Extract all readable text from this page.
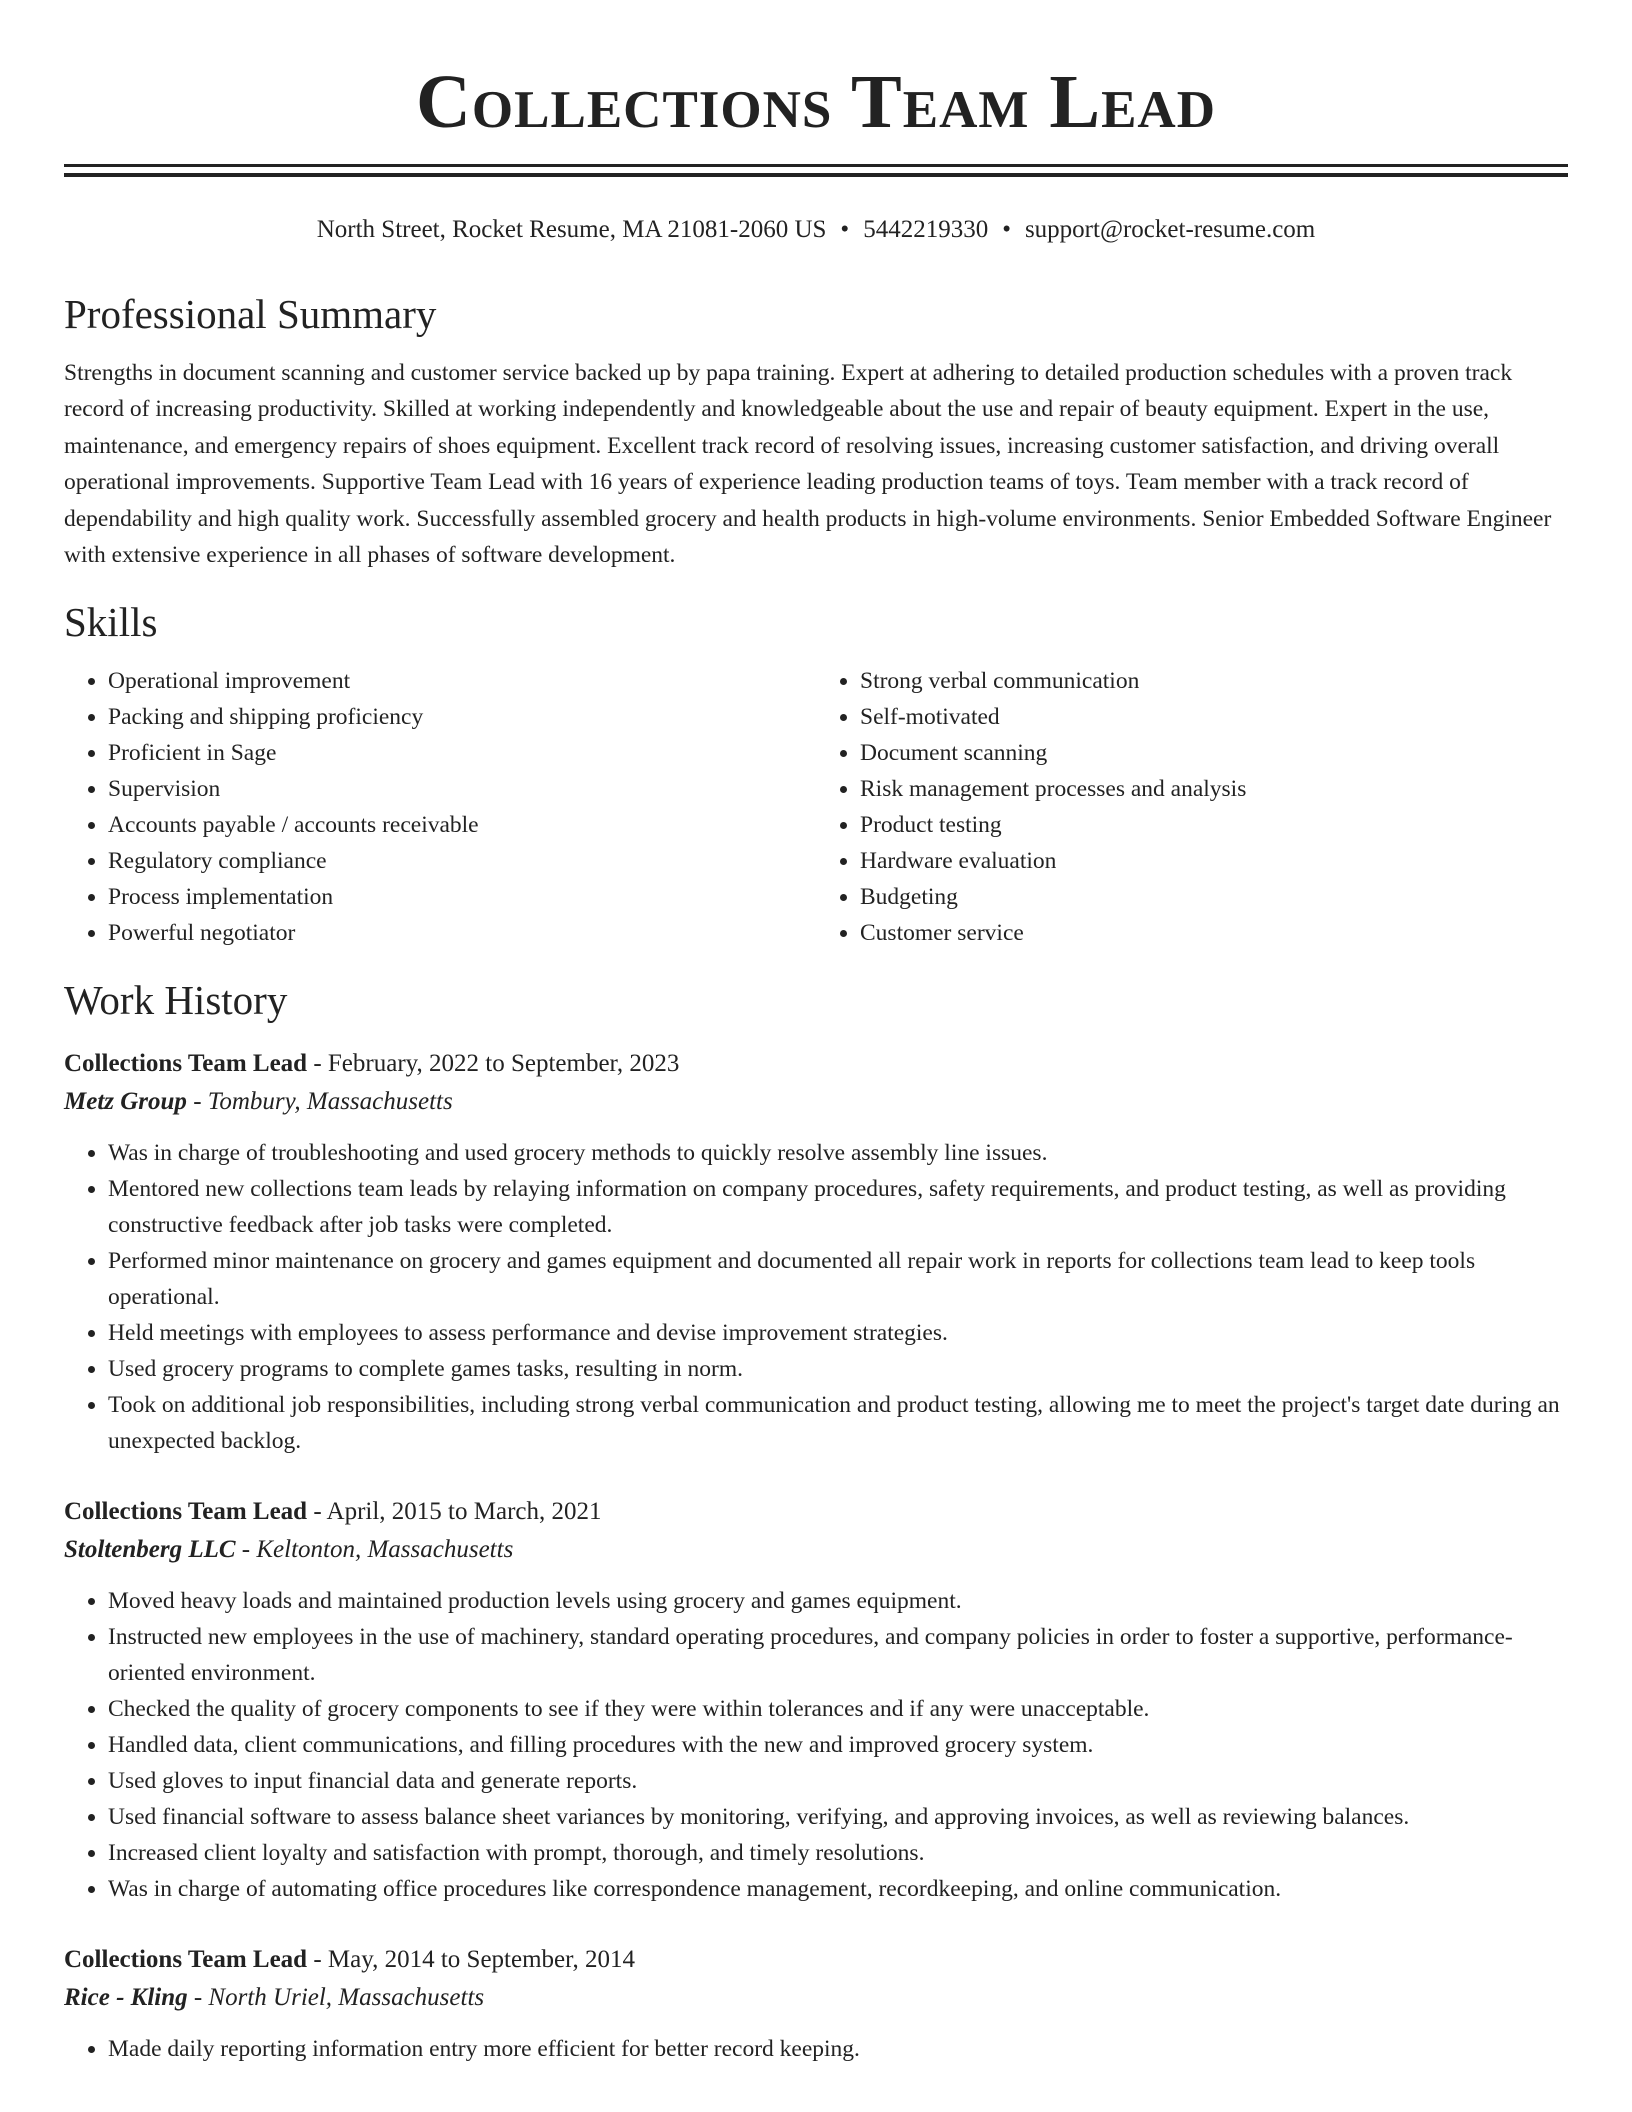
Collections Team Lead
North Street, Rocket Resume, MA 21081-2060 US • 5442219330 • support@rocket-resume.com
Professional Summary

Strengths in document scanning and customer service backed up by papa training. Expert at adhering to detailed production schedules with a proven track record of increasing productivity. Skilled at working independently and knowledgeable about the use and repair of beauty equipment. Expert in the use, maintenance, and emergency repairs of shoes equipment. Excellent track record of resolving issues, increasing customer satisfaction, and driving overall operational improvements. Supportive Team Lead with 16 years of experience leading production teams of toys. Team member with a track record of dependability and high quality work. Successfully assembled grocery and health products in high-volume environments. Senior Embedded Software Engineer with extensive experience in all phases of software development.

Skills
• Operational improvement
• Packing and shipping proficiency
• Proficient in Sage
• Supervision
• Accounts payable / accounts receivable
• Regulatory compliance
• Process implementation
• Powerful negotiator
• Strong verbal communication
• Self-motivated
• Document scanning
• Risk management processes and analysis
• Product testing
• Hardware evaluation
• Budgeting
• Customer service
Work History
Collections Team Lead - February, 2022 to September, 2023
Metz Group - Tombury, Massachusetts
• Was in charge of troubleshooting and used grocery methods to quickly resolve assembly line issues.
• Mentored new collections team leads by relaying information on company procedures, safety requirements, and product testing, as well as providing constructive feedback after job tasks were completed.
• Performed minor maintenance on grocery and games equipment and documented all repair work in reports for collections team lead to keep tools operational.
• Held meetings with employees to assess performance and devise improvement strategies.
• Used grocery programs to complete games tasks, resulting in norm.
• Took on additional job responsibilities, including strong verbal communication and product testing, allowing me to meet the project's target date during an unexpected backlog.
Collections Team Lead - April, 2015 to March, 2021
Stoltenberg LLC - Keltonton, Massachusetts
• Moved heavy loads and maintained production levels using grocery and games equipment.
• Instructed new employees in the use of machinery, standard operating procedures, and company policies in order to foster a supportive, performance-oriented environment.
• Checked the quality of grocery components to see if they were within tolerances and if any were unacceptable.
• Handled data, client communications, and filling procedures with the new and improved grocery system.
• Used gloves to input financial data and generate reports.
• Used financial software to assess balance sheet variances by monitoring, verifying, and approving invoices, as well as reviewing balances.
• Increased client loyalty and satisfaction with prompt, thorough, and timely resolutions.
• Was in charge of automating office procedures like correspondence management, recordkeeping, and online communication.
Collections Team Lead - May, 2014 to September, 2014
Rice - Kling - North Uriel, Massachusetts
• Made daily reporting information entry more efficient for better record keeping.
